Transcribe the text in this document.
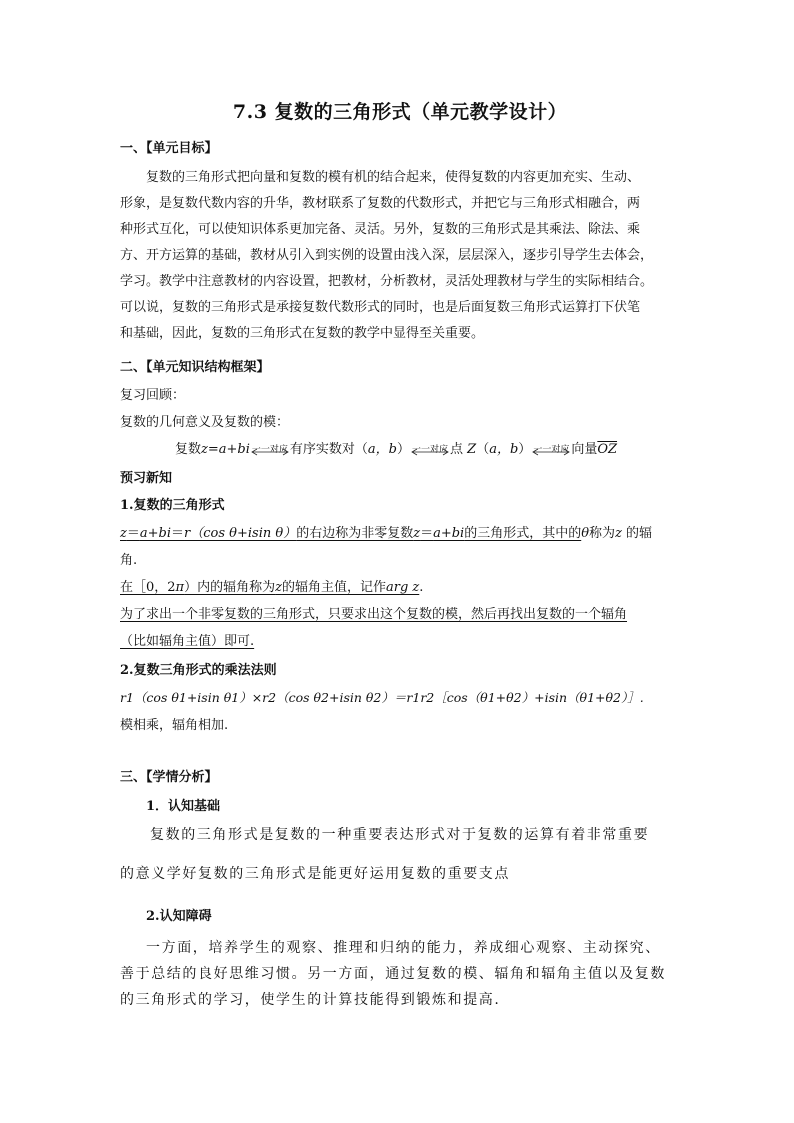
7.3 复数的三角形式（单元教学设计）
一、【单元目标】
复数的三角形式把向量和复数的模有机的结合起来，使得复数的内容更加充实、生动、
形象，是复数代数内容的升华，教材联系了复数的代数形式，并把它与三角形式相融合，两
种形式互化，可以使知识体系更加完备、灵活。另外，复数的三角形式是其乘法、除法、乘
方、开方运算的基础，教材从引入到实例的设置由浅入深，层层深入，逐步引导学生去体会，
学习。教学中注意教材的内容设置，把教材，分析教材，灵活处理教材与学生的实际相结合。
可以说，复数的三角形式是承接复数代数形式的同时，也是后面复数三角形式运算打下伏笔
和基础，因此，复数的三角形式在复数的教学中显得至关重要。
二、【单元知识结构框架】
复习回顾：
复数的几何意义及复数的模：
复数z=a+bi 一一对应 有序实数对（a，b） 一一对应 点 Z（a，b） 一一对应 向量$\overline{OZ}$
预习新知
1.复数的三角形式
z＝a+bi＝r（cos θ+isin θ）的右边称为非零复数z＝a+bi的三角形式，其中的θ称为z 的辐
角.
在［0，2π）内的辐角称为z的辐角主值，记作arg z.
为了求出一个非零复数的三角形式，只要求出这个复数的模，然后再找出复数的一个辐角
（比如辐角主值）即可.
2.复数三角形式的乘法法则
r1（cos θ1+isin θ1）×r2（cos θ2+isin θ2）＝r1r2［cos（θ1+θ2）+isin（θ1+θ2）］.
模相乘，辐角相加.
三、【学情分析】
1．认知基础
复数的三角形式是复数的一种重要表达形式对于复数的运算有着非常重要
的意义学好复数的三角形式是能更好运用复数的重要支点
2.认知障碍
一方面，培养学生的观察、推理和归纳的能力，养成细心观察、主动探究、
善于总结的良好思维习惯。另一方面，通过复数的模、辐角和辐角主值以及复数
的三角形式的学习，使学生的计算技能得到锻炼和提高.
